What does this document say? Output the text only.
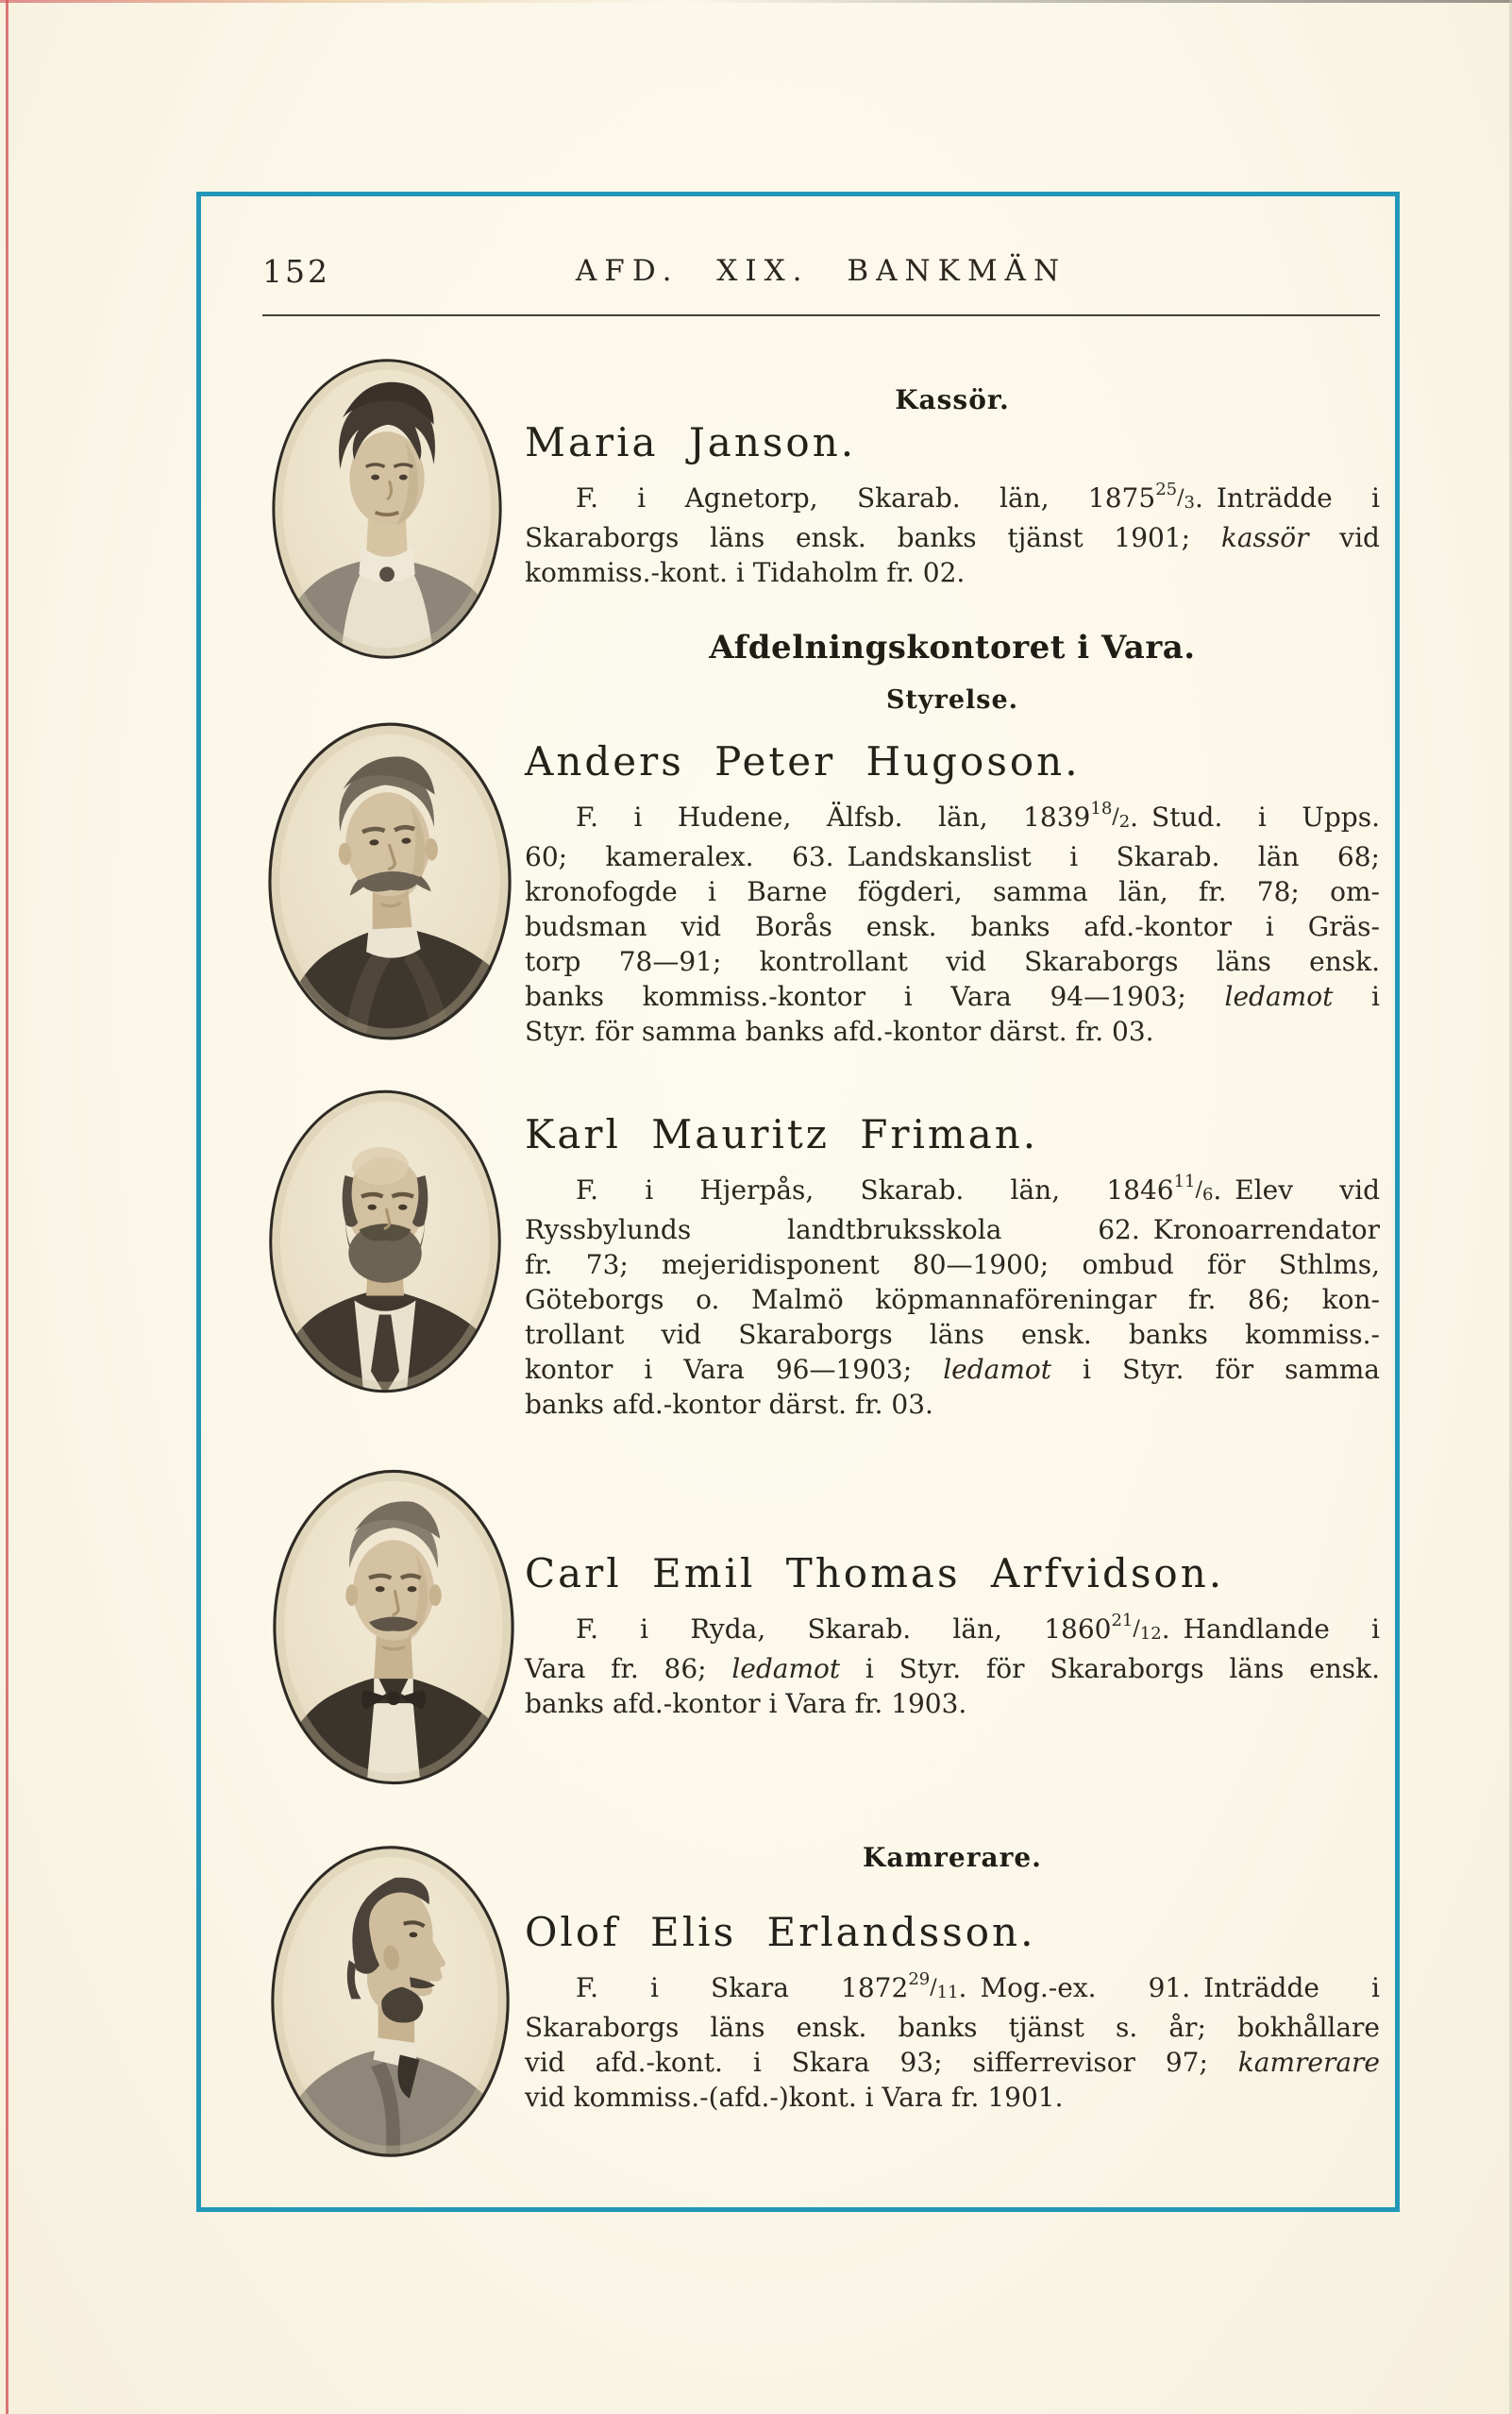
152	AFD. XIX. BANKMÄN
Kassör.
Afdelningskontoret i Vara.
Styrelse.
Kamrerare.
Maria Janson.
F. i Agnetorp, Skarab. län, 1875$^{25}$/3. Inträdde i
Skaraborgs läns ensk. banks tjänst 1901; kassör vid
kommiss.-kont. i Tidaholm fr. 02.
Anders Peter Hugoson.
F. i Hudene, Älfsb. län, 1839$^{18}$/2. Stud. i Upps.
60; kameralex. 63. Landskanslist i Skarab. län 68;
kronofogde i Barne fögderi, samma län, fr. 78; om-
budsman vid Borås ensk. banks afd.-kontor i Gräs-
torp 78—91; kontrollant vid Skaraborgs läns ensk.
banks kommiss.-kontor i Vara 94—1903; ledamot i
Styr. för samma banks afd.-kontor därst. fr. 03.
Karl Mauritz Friman.
F. i Hjerpås, Skarab. län, 1846$^{11}$/6. Elev vid
Ryssbylunds landtbruksskola 62. Kronoarrendator
fr. 73; mejeridisponent 80—1900; ombud för Sthlms,
Göteborgs o. Malmö köpmannaföreningar fr. 86; kon-
trollant vid Skaraborgs läns ensk. banks kommiss.-
kontor i Vara 96—1903; ledamot i Styr. för samma
banks afd.-kontor därst. fr. 03.
Carl Emil Thomas Arfvidson.
F. i Ryda, Skarab. län, 1860$^{21}$/12. Handlande i
Vara fr. 86; ledamot i Styr. för Skaraborgs läns ensk.
banks afd.-kontor i Vara fr. 1903.
Olof Elis Erlandsson.
F. i Skara 1872$^{29}$/11. Mog.-ex. 91. Inträdde i
Skaraborgs läns ensk. banks tjänst s. år; bokhållare
vid afd.-kont. i Skara 93; sifferrevisor 97; kamrerare
vid kommiss.-(afd.-)kont. i Vara fr. 1901.
